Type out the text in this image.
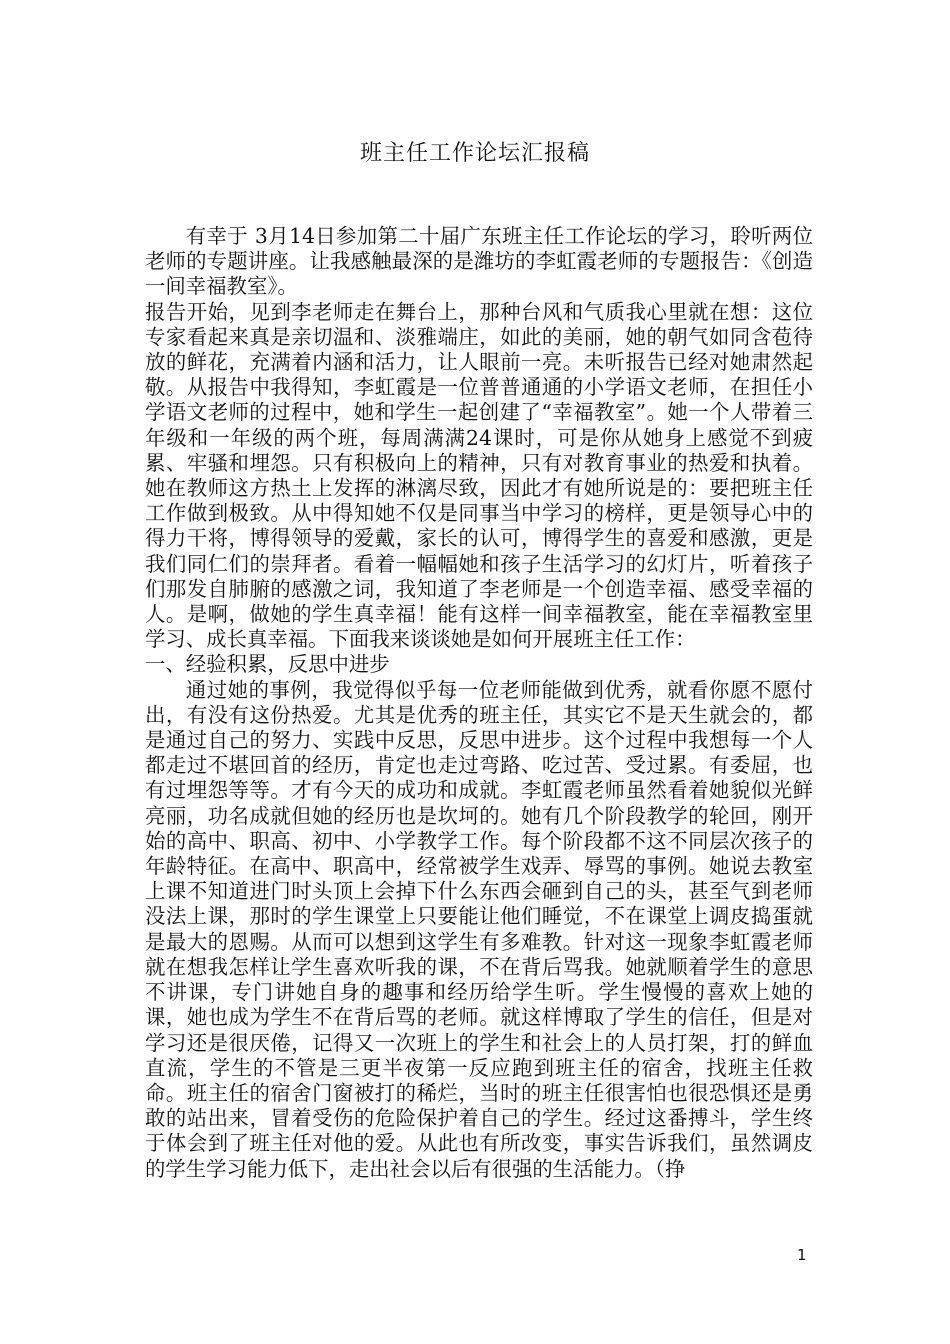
班主任工作论坛汇报稿

有幸于 3月14日参加第二十届广东班主任工作论坛的学习，聆听两位老师的专题讲座。让我感触最深的是潍坊的李虹霞老师的专题报告：《创造一间幸福教室》。

报告开始，见到李老师走在舞台上，那种台风和气质我心里就在想：这位专家看起来真是亲切温和、淡雅端庄，如此的美丽，她的朝气如同含苞待放的鲜花，充满着内涵和活力，让人眼前一亮。未听报告已经对她肃然起敬。从报告中我得知，李虹霞是一位普普通通的小学语文老师，在担任小学语文老师的过程中，她和学生一起创建了“幸福教室”。她一个人带着三年级和一年级的两个班，每周满满24课时，可是你从她身上感觉不到疲累、牢骚和埋怨。只有积极向上的精神，只有对教育事业的热爱和执着。她在教师这方热土上发挥的淋漓尽致，因此才有她所说是的：要把班主任工作做到极致。从中得知她不仅是同事当中学习的榜样，更是领导心中的得力干将，博得领导的爱戴，家长的认可，博得学生的喜爱和感激，更是我们同仁们的崇拜者。看着一幅幅她和孩子生活学习的幻灯片，听着孩子们那发自肺腑的感激之词，我知道了李老师是一个创造幸福、感受幸福的人。是啊，做她的学生真幸福！能有这样一间幸福教室，能在幸福教室里学习、成长真幸福。下面我来谈谈她是如何开展班主任工作：

一、经验积累，反思中进步

通过她的事例，我觉得似乎每一位老师能做到优秀，就看你愿不愿付出，有没有这份热爱。尤其是优秀的班主任，其实它不是天生就会的，都是通过自己的努力、实践中反思，反思中进步。这个过程中我想每一个人都走过不堪回首的经历，肯定也走过弯路、吃过苦、受过累。有委屈，也有过埋怨等等。才有今天的成功和成就。李虹霞老师虽然看着她貌似光鲜亮丽，功名成就但她的经历也是坎坷的。她有几个阶段教学的轮回，刚开始的高中、职高、初中、小学教学工作。每个阶段都不这不同层次孩子的年龄特征。在高中、职高中，经常被学生戏弄、辱骂的事例。她说去教室上课不知道进门时头顶上会掉下什么东西会砸到自己的头，甚至气到老师没法上课，那时的学生课堂上只要能让他们睡觉，不在课堂上调皮捣蛋就是最大的恩赐。从而可以想到这学生有多难教。针对这一现象李虹霞老师就在想我怎样让学生喜欢听我的课，不在背后骂我。她就顺着学生的意思不讲课，专门讲她自身的趣事和经历给学生听。学生慢慢的喜欢上她的课，她也成为学生不在背后骂的老师。就这样博取了学生的信任，但是对学习还是很厌倦，记得又一次班上的学生和社会上的人员打架，打的鲜血直流，学生的不管是三更半夜第一反应跑到班主任的宿舍，找班主任救命。班主任的宿舍门窗被打的稀烂，当时的班主任很害怕也很恐惧还是勇敢的站出来，冒着受伤的危险保护着自己的学生。经过这番搏斗，学生终于体会到了班主任对他的爱。从此也有所改变，事实告诉我们，虽然调皮的学生学习能力低下，走出社会以后有很强的生活能力。（挣

1
